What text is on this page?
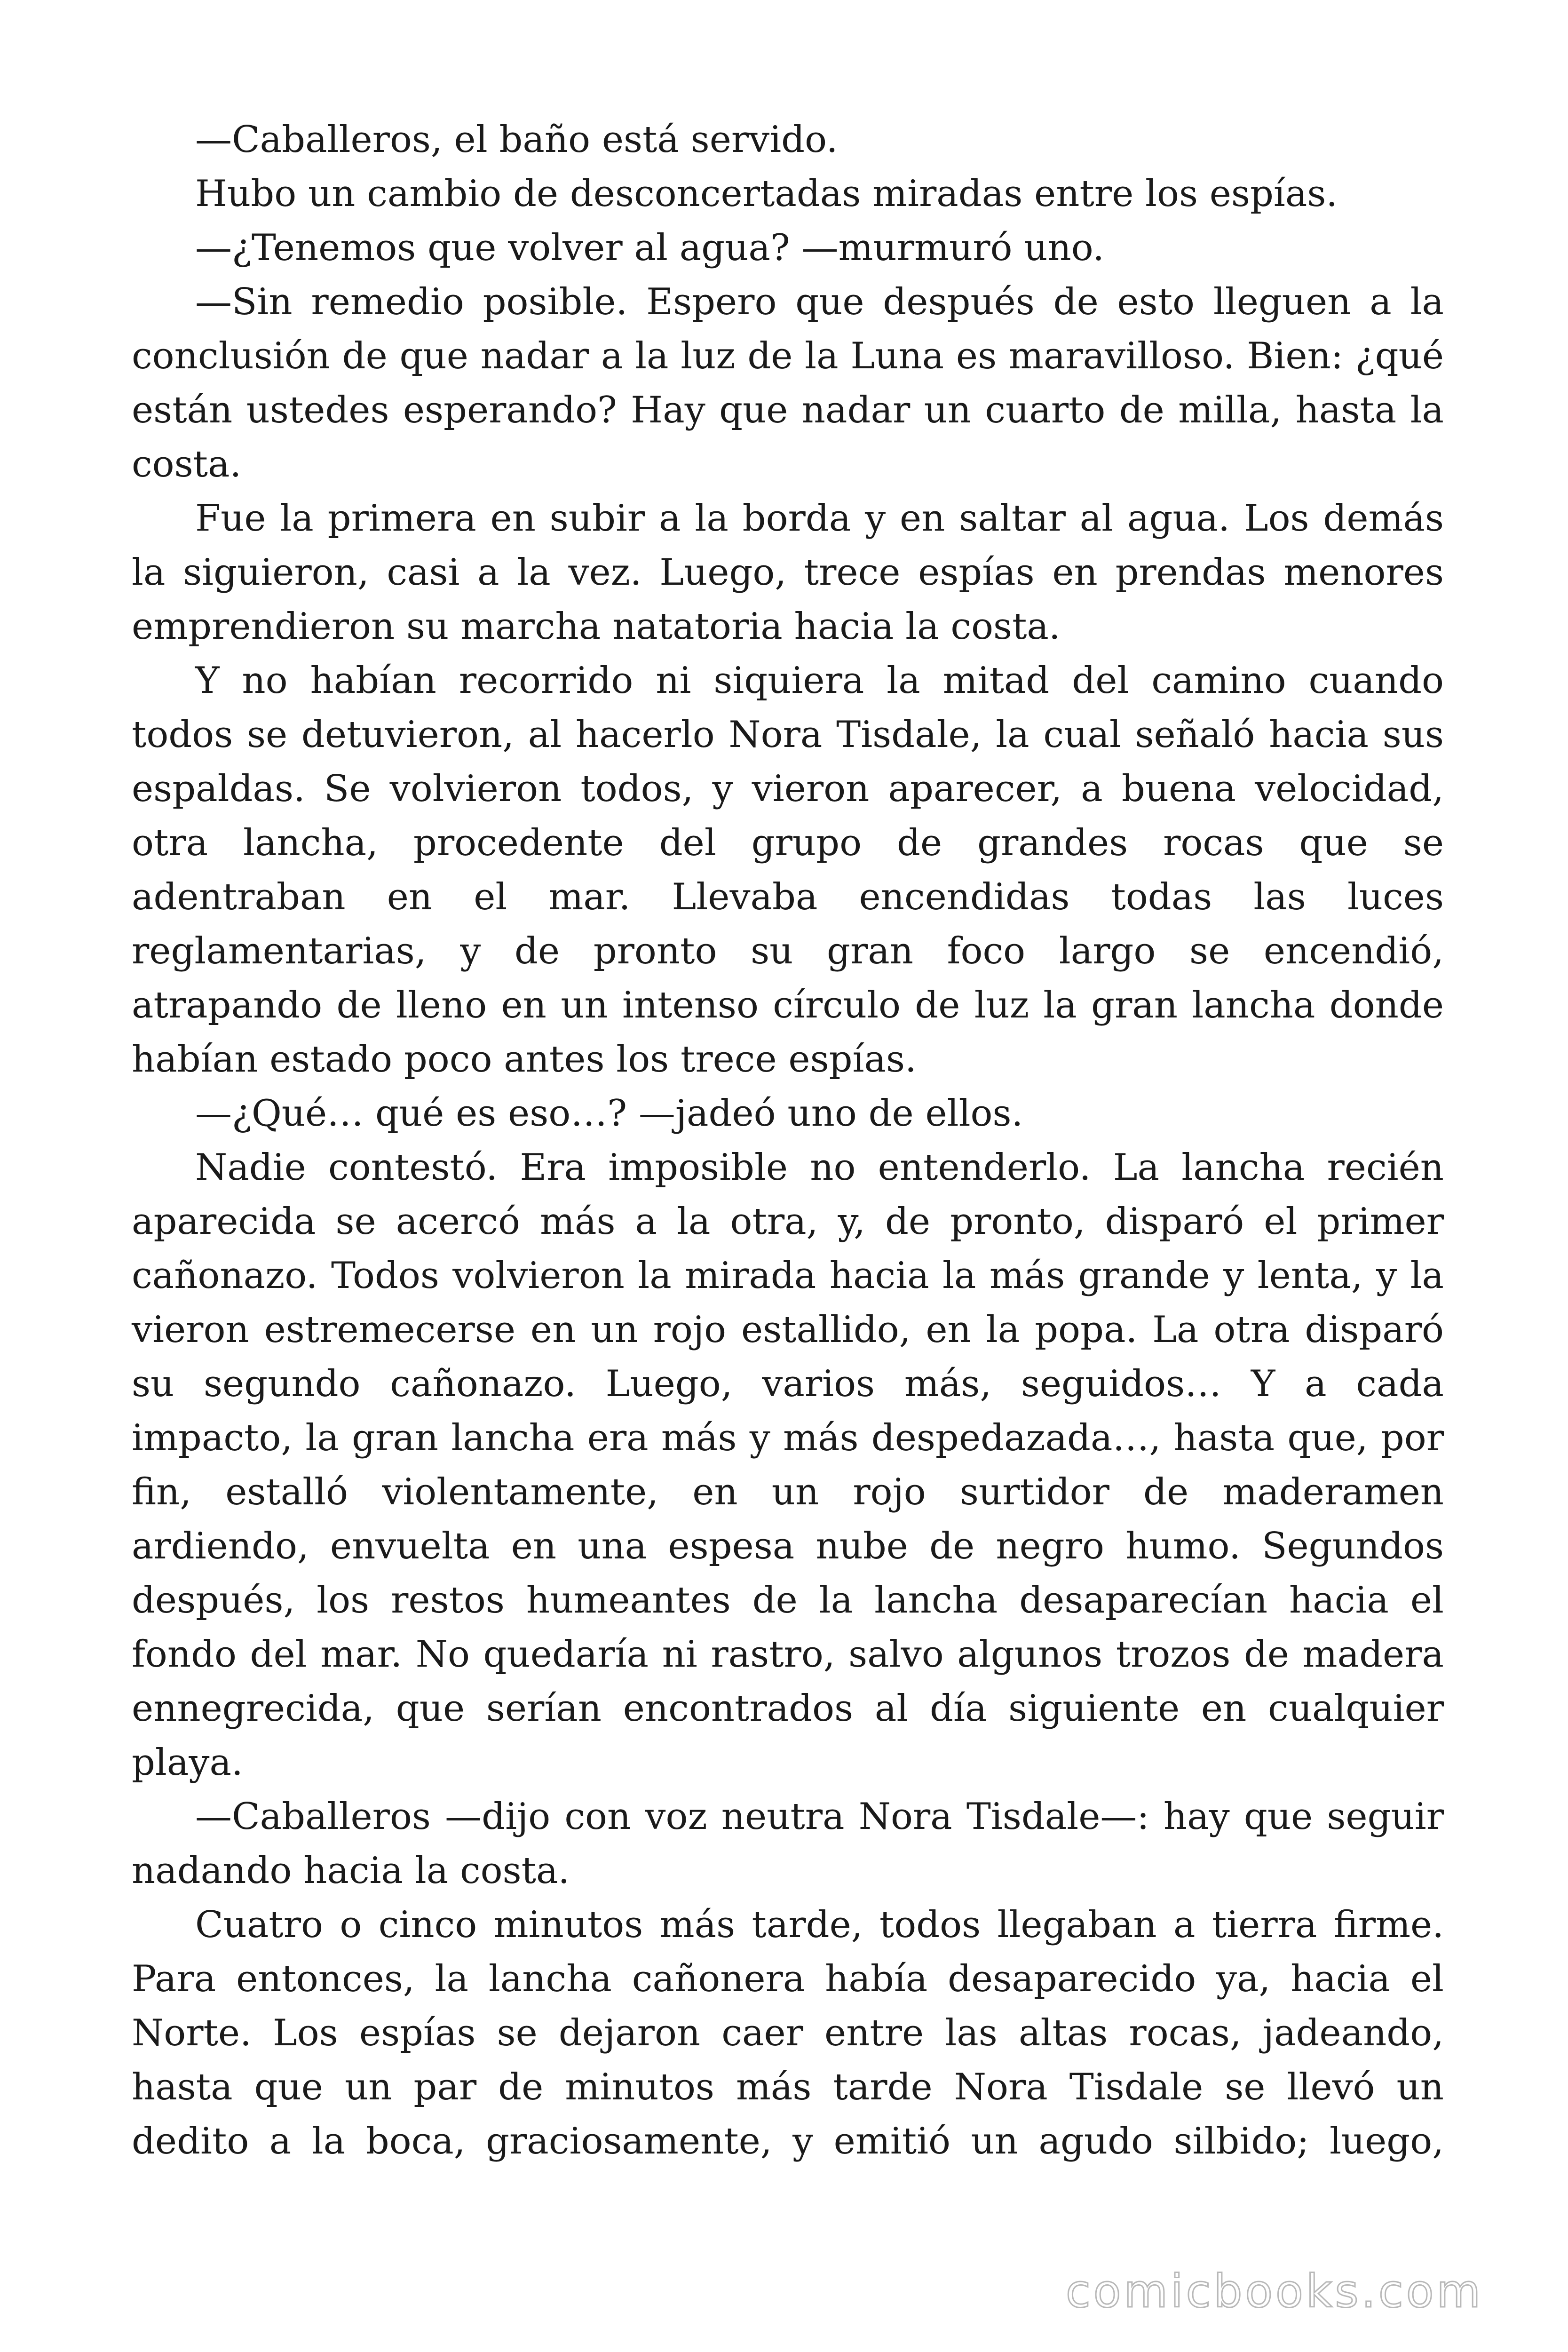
—Caballeros, el baño está servido.

Hubo un cambio de desconcertadas miradas entre los espías.

—¿Tenemos que volver al agua? —murmuró uno.

—Sin remedio posible. Espero que después de esto lleguen a la conclusión de que nadar a la luz de la Luna es maravilloso. Bien: ¿qué están ustedes esperando? Hay que nadar un cuarto de milla, hasta la costa.

Fue la primera en subir a la borda y en saltar al agua. Los demás la siguieron, casi a la vez. Luego, trece espías en prendas menores emprendieron su marcha natatoria hacia la costa.

Y no habían recorrido ni siquiera la mitad del camino cuando todos se detuvieron, al hacerlo Nora Tisdale, la cual señaló hacia sus espaldas. Se volvieron todos, y vieron aparecer, a buena velocidad, otra lancha, procedente del grupo de grandes rocas que se adentraban en el mar. Llevaba encendidas todas las luces reglamentarias, y de pronto su gran foco largo se encendió, atrapando de lleno en un intenso círculo de luz la gran lancha donde habían estado poco antes los trece espías.

—¿Qué… qué es eso…? —jadeó uno de ellos.

Nadie contestó. Era imposible no entenderlo. La lancha recién aparecida se acercó más a la otra, y, de pronto, disparó el primer cañonazo. Todos volvieron la mirada hacia la más grande y lenta, y la vieron estremecerse en un rojo estallido, en la popa. La otra disparó su segundo cañonazo. Luego, varios más, seguidos… Y a cada impacto, la gran lancha era más y más despedazada…, hasta que, por fin, estalló violentamente, en un rojo surtidor de maderamen ardiendo, envuelta en una espesa nube de negro humo. Segundos después, los restos humeantes de la lancha desaparecían hacia el fondo del mar. No quedaría ni rastro, salvo algunos trozos de madera ennegrecida, que serían encontrados al día siguiente en cualquier playa.

—Caballeros —dijo con voz neutra Nora Tisdale—: hay que seguir nadando hacia la costa.

Cuatro o cinco minutos más tarde, todos llegaban a tierra firme. Para entonces, la lancha cañonera había desaparecido ya, hacia el Norte. Los espías se dejaron caer entre las altas rocas, jadeando, hasta que un par de minutos más tarde Nora Tisdale se llevó un dedito a la boca, graciosamente, y emitió un agudo silbido; luego,

comicbooks.com
